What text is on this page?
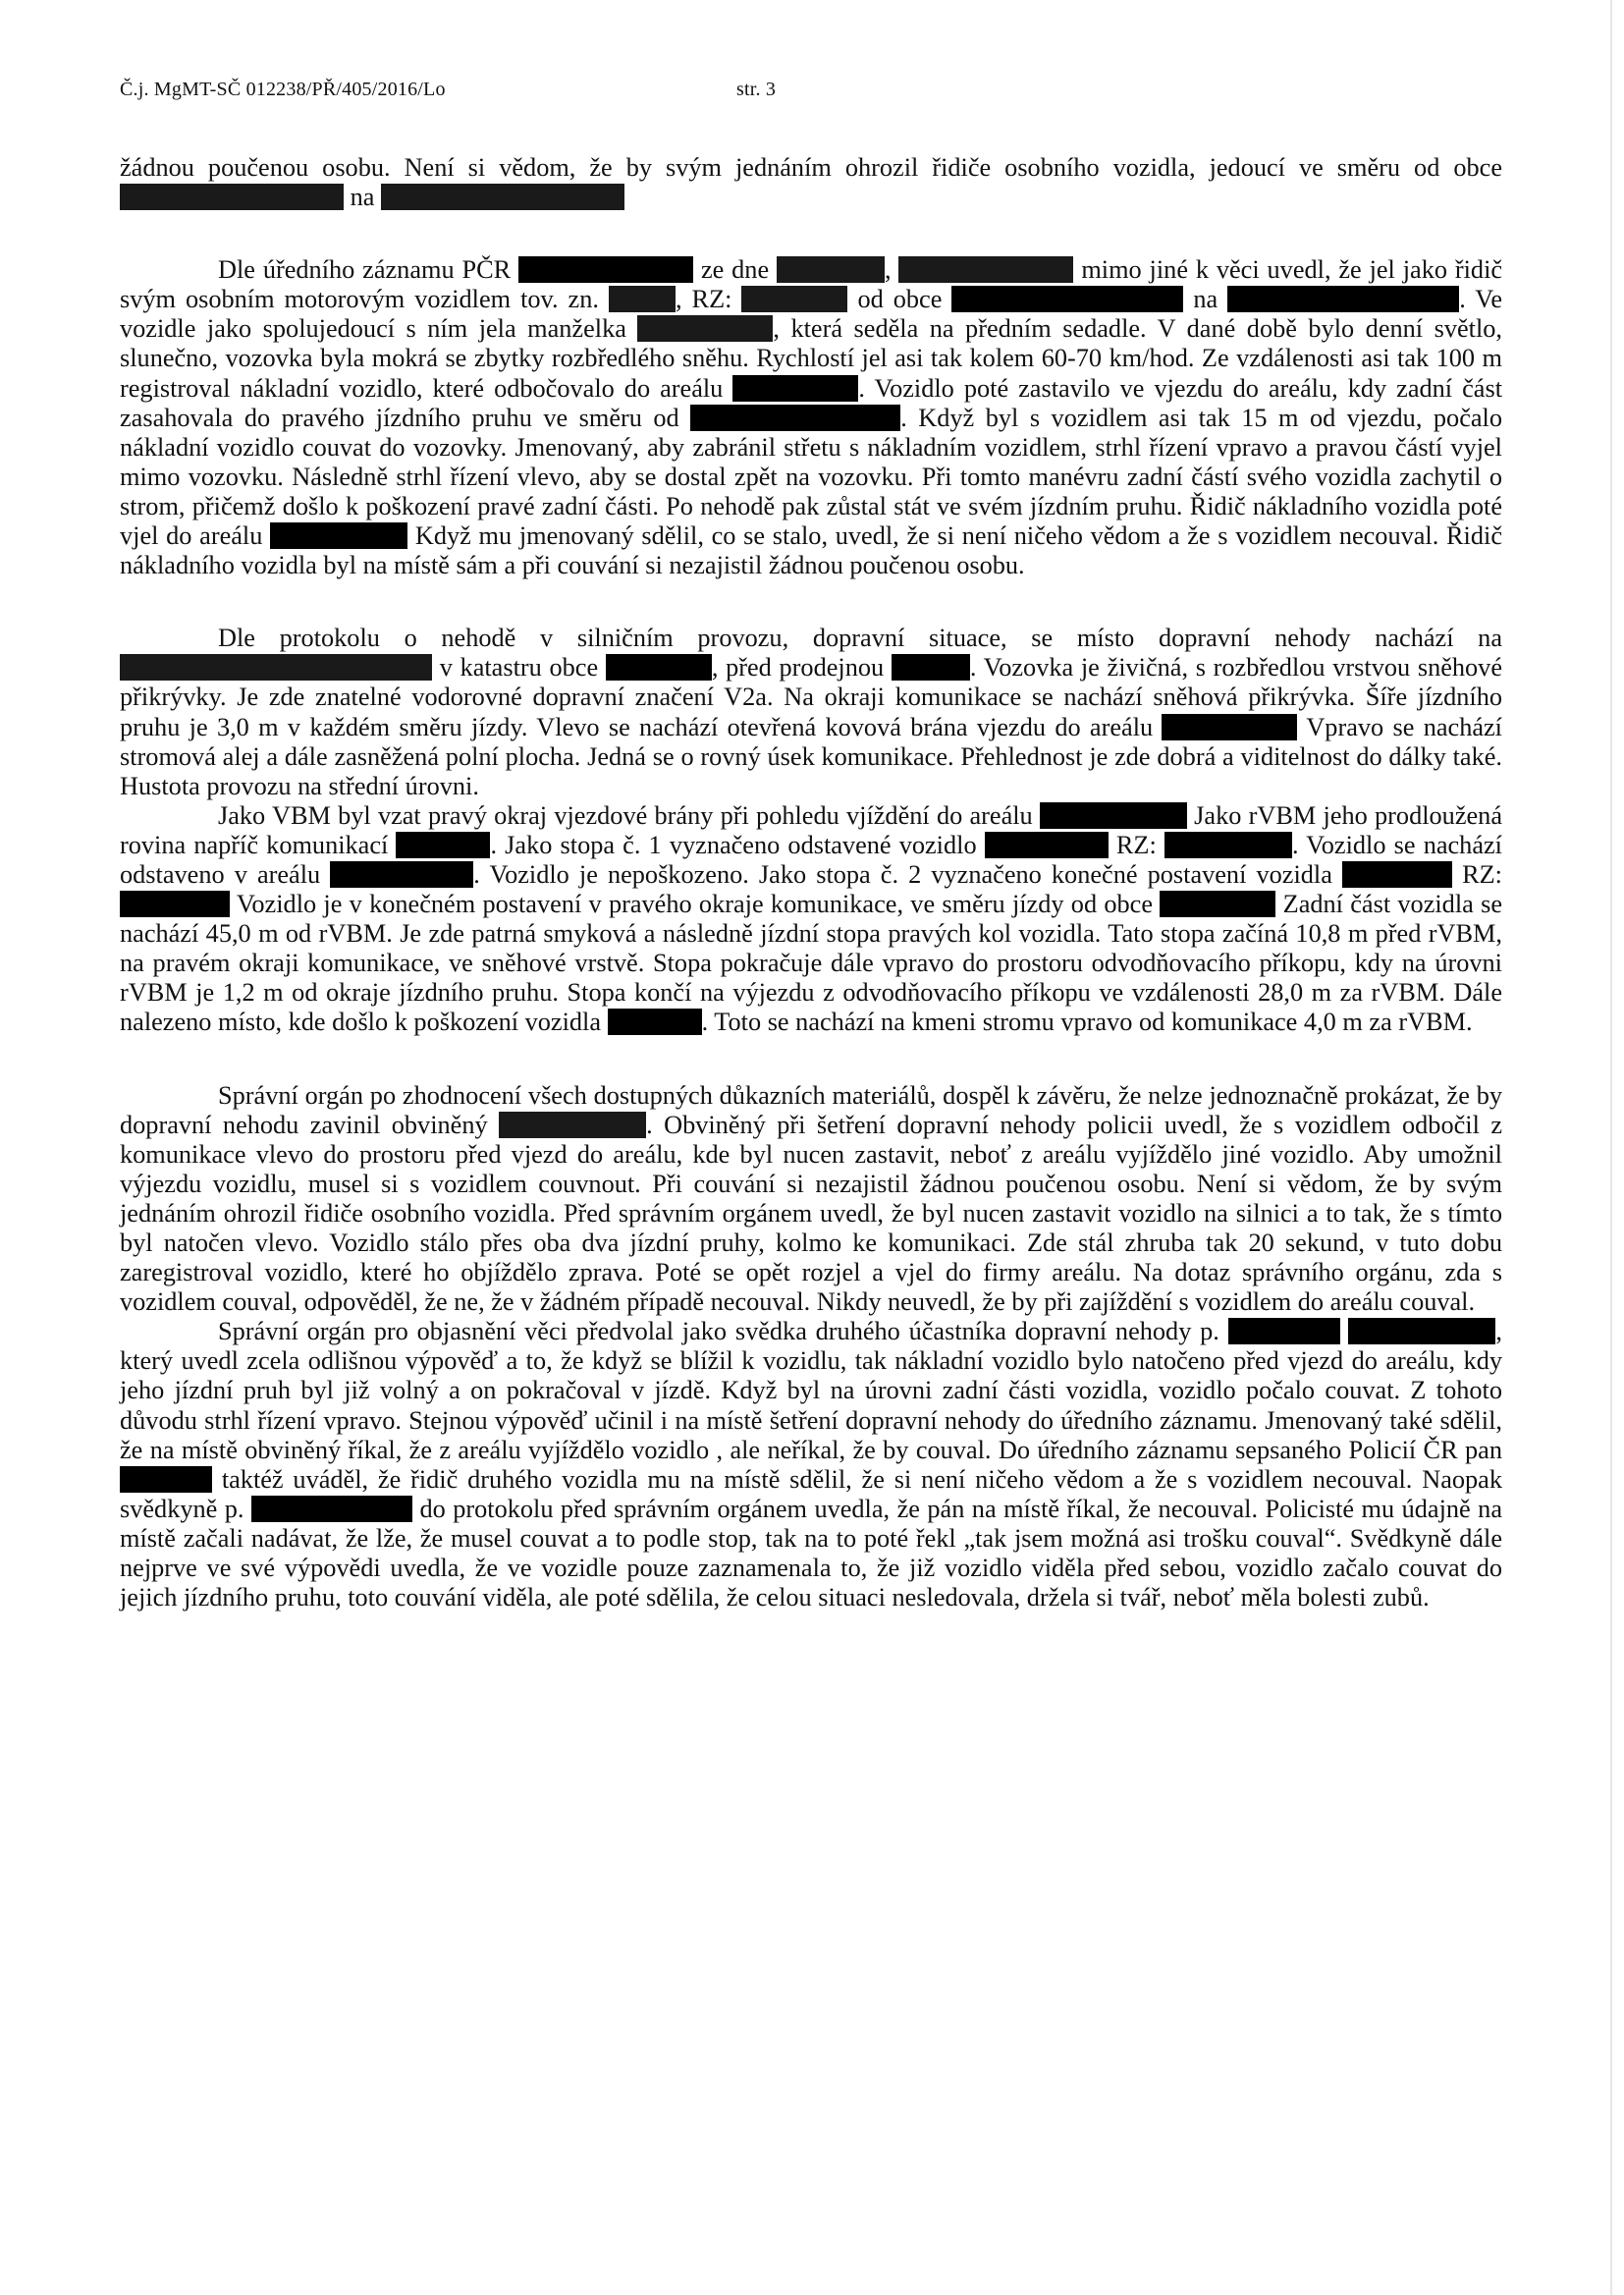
Č.j. MgMT-SČ 012238/PŘ/405/2016/Lo	str. 3

žádnou poučenou osobu. Není si vědom, že by svým jednáním ohrozil řidiče osobního vozidla, jedoucí ve směru od obce  na

Dle úředního záznamu PČR	ze dne	,	mimo jiné k věci uvedl, že jel jako řidič svým osobním motorovým vozidlem tov. zn.	, RZ:	od obce	na	. Ve vozidle jako spolujedoucí s ním jela manželka	, která seděla na předním sedadle. V dané době bylo denní světlo, slunečno, vozovka byla mokrá se zbytky rozbředlého sněhu. Rychlostí jel asi tak kolem 60-70 km/hod. Ze vzdálenosti asi tak 100 m registroval nákladní vozidlo, které odbočovalo do areálu	. Vozidlo poté zastavilo ve vjezdu do areálu, kdy zadní část zasahovala do pravého jízdního pruhu ve směru od	. Když byl s vozidlem asi tak 15 m od vjezdu, počalo nákladní vozidlo couvat do vozovky. Jmenovaný, aby zabránil střetu s nákladním vozidlem, strhl řízení vpravo a pravou částí vyjel mimo vozovku. Následně strhl řízení vlevo, aby se dostal zpět na vozovku. Při tomto manévru zadní částí svého vozidla zachytil o strom, přičemž došlo k poškození pravé zadní části. Po nehodě pak zůstal stát ve svém jízdním pruhu. Řidič nákladního vozidla poté vjel do areálu	Když mu jmenovaný sdělil, co se stalo, uvedl, že si není ničeho vědom a že s vozidlem necouval. Řidič nákladního vozidla byl na místě sám a při couvání si nezajistil žádnou poučenou osobu.

Dle protokolu o nehodě v silničním provozu, dopravní situace, se místo dopravní nehody nachází na  v katastru obce	, před prodejnou	. Vozovka je živičná, s rozbředlou vrstvou sněhové přikrývky. Je zde znatelné vodorovné dopravní značení V2a. Na okraji komunikace se nachází sněhová přikrývka. Šíře jízdního pruhu je 3,0 m v každém směru jízdy. Vlevo se nachází otevřená kovová brána vjezdu do areálu	Vpravo se nachází stromová alej a dále zasněžená polní plocha. Jedná se o rovný úsek komunikace. Přehlednost je zde dobrá a viditelnost do dálky také. Hustota provozu na střední úrovni.

Jako VBM byl vzat pravý okraj vjezdové brány při pohledu vjíždění do areálu	Jako rVBM jeho prodloužená rovina napříč komunikací	. Jako stopa č. 1 vyznačeno odstavené vozidlo	RZ:	. Vozidlo se nachází odstaveno v areálu	. Vozidlo je nepoškozeno. Jako stopa č. 2 vyznačeno konečné postavení vozidla	RZ:  Vozidlo je v konečném postavení v pravého okraje komunikace, ve směru jízdy od obce	Zadní část vozidla se nachází 45,0 m od rVBM. Je zde patrná smyková a následně jízdní stopa pravých kol vozidla. Tato stopa začíná 10,8 m před rVBM, na pravém okraji komunikace, ve sněhové vrstvě. Stopa pokračuje dále vpravo do prostoru odvodňovacího příkopu, kdy na úrovni rVBM je 1,2 m od okraje jízdního pruhu. Stopa končí na výjezdu z odvodňovacího příkopu ve vzdálenosti 28,0 m za rVBM. Dále nalezeno místo, kde došlo k poškození vozidla	. Toto se nachází na kmeni stromu vpravo od komunikace 4,0 m za rVBM.

Správní orgán po zhodnocení všech dostupných důkazních materiálů, dospěl k závěru, že nelze jednoznačně prokázat, že by dopravní nehodu zavinil obviněný	. Obviněný při šetření dopravní nehody policii uvedl, že s vozidlem odbočil z komunikace vlevo do prostoru před vjezd do areálu, kde byl nucen zastavit, neboť z areálu vyjíždělo jiné vozidlo. Aby umožnil výjezdu vozidlu, musel si s vozidlem couvnout. Při couvání si nezajistil žádnou poučenou osobu. Není si vědom, že by svým jednáním ohrozil řidiče osobního vozidla. Před správním orgánem uvedl, že byl nucen zastavit vozidlo na silnici a to tak, že s tímto byl natočen vlevo. Vozidlo stálo přes oba dva jízdní pruhy, kolmo ke komunikaci. Zde stál zhruba tak 20 sekund, v tuto dobu zaregistroval vozidlo, které ho objíždělo zprava. Poté se opět rozjel a vjel do firmy areálu. Na dotaz správního orgánu, zda s vozidlem couval, odpověděl, že ne, že v žádném případě necouval. Nikdy neuvedl, že by při zajíždění s vozidlem do areálu couval.

Správní orgán pro objasnění věci předvolal jako svědka druhého účastníka dopravní nehody p.	, který uvedl zcela odlišnou výpověď a to, že když se blížil k vozidlu, tak nákladní vozidlo bylo natočeno před vjezd do areálu, kdy jeho jízdní pruh byl již volný a on pokračoval v jízdě. Když byl na úrovni zadní části vozidla, vozidlo počalo couvat. Z tohoto důvodu strhl řízení vpravo. Stejnou výpověď učinil i na místě šetření dopravní nehody do úředního záznamu. Jmenovaný také sdělil, že na místě obviněný říkal, že z areálu vyjíždělo vozidlo , ale neříkal, že by couval. Do úředního záznamu sepsaného Policií ČR pan  taktéž uváděl, že řidič druhého vozidla mu na místě sdělil, že si není ničeho vědom a že s vozidlem necouval. Naopak svědkyně p.	do protokolu před správním orgánem uvedla, že pán na místě říkal, že necouval. Policisté mu údajně na místě začali nadávat, že lže, že musel couvat a to podle stop, tak na to poté řekl „tak jsem možná asi trošku couval“. Svědkyně dále nejprve ve své výpovědi uvedla, že ve vozidle pouze zaznamenala to, že již vozidlo viděla před sebou, vozidlo začalo couvat do jejich jízdního pruhu, toto couvání viděla, ale poté sdělila, že celou situaci nesledovala, držela si tvář, neboť měla bolesti zubů.
